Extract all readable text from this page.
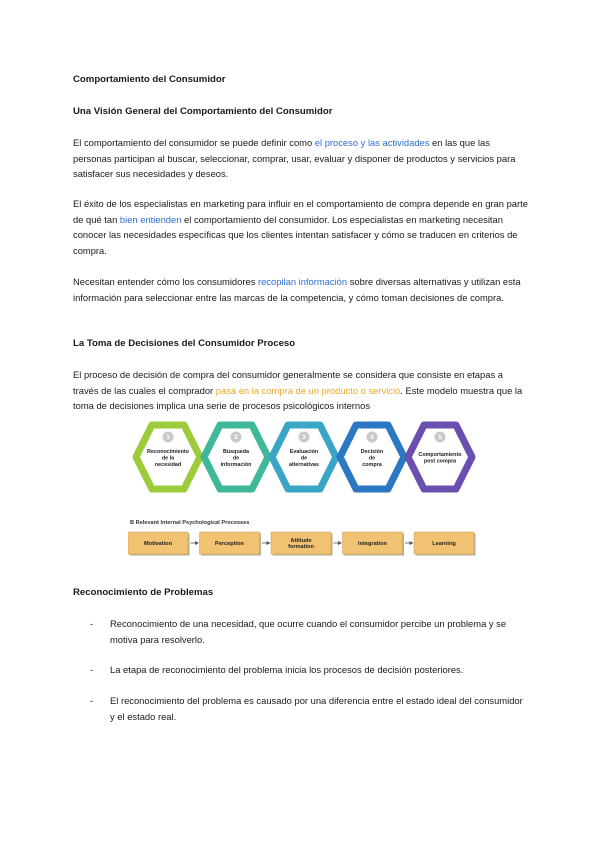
Comportamiento del Consumidor
Una Visión General del Comportamiento del Consumidor
El comportamiento del consumidor se puede definir como el proceso y las actividades en las que las personas participan al buscar, seleccionar, comprar, usar, evaluar y disponer de productos y servicios para satisfacer sus necesidades y deseos.
El éxito de los especialistas en marketing para influir en el comportamiento de compra depende en gran parte de qué tan bien entienden el comportamiento del consumidor. Los especialistas en marketing necesitan conocer las necesidades específicas que los clientes intentan satisfacer y cómo se traducen en criterios de compra.
Necesitan entender cómo los consumidores recopilan información sobre diversas alternativas y utilizan esta información para seleccionar entre las marcas de la competencia, y cómo toman decisiones de compra.
La Toma de Decisiones del Consumidor Proceso
El proceso de decisión de compra del consumidor generalmente se considera que consiste en etapas a través de las cuales el comprador pasa en la compra de un producto o servicio. Este modelo muestra que la toma de decisiones implica una serie de procesos psicológicos internos
1
Reconocimiento
de la
necesidad
2
Búsqueda
de
información
3
Evaluación
de
alternativas
4
Decisión
de
compra
5
Comportamiento
post compra
B Relevant Internal Psychological Processes
Motivation	Perception
Attitude
formation
Integration	Learning
Reconocimiento de Problemas
- Reconocimiento de una necesidad, que ocurre cuando el consumidor percibe un problema y se motiva para resolverlo.
- La etapa de reconocimiento del problema inicia los procesos de decisión posteriores.
- El reconocimiento del problema es causado por una diferencia entre el estado ideal del consumidor y el estado real.
